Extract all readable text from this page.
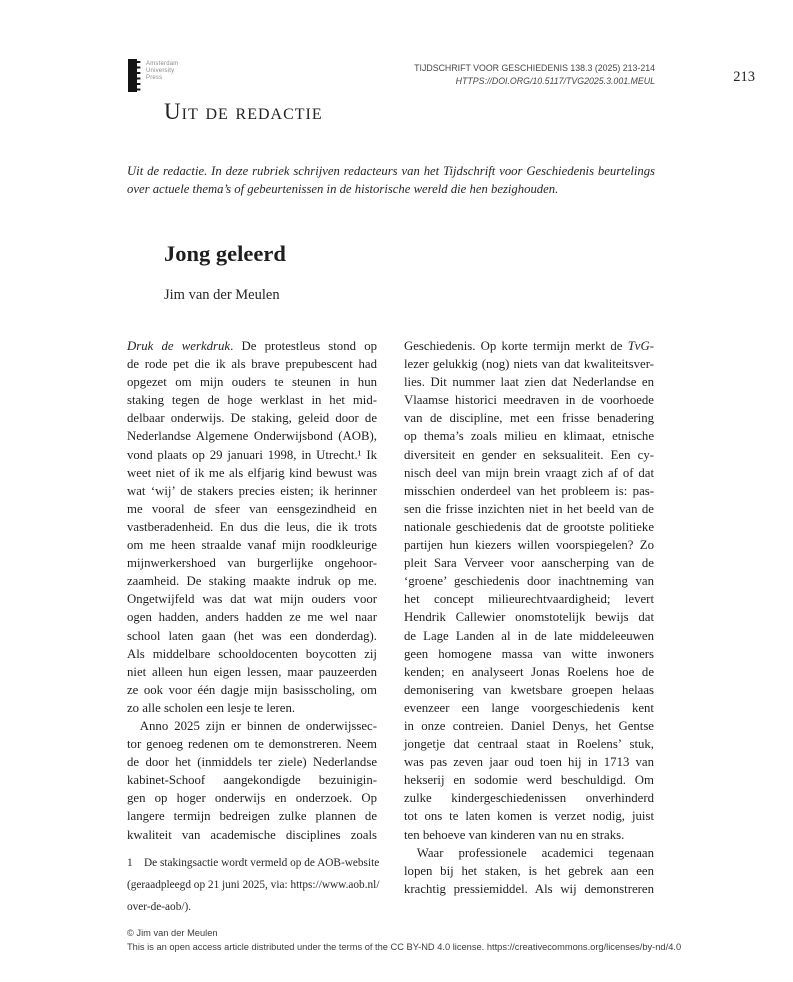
Amsterdam
University
Press
TIJDSCHRIFT VOOR GESCHIEDENIS 138.3 (2025) 213-214
HTTPS://DOI.ORG/10.5117/TVG2025.3.001.MEUL	213
Uit de redactie
Uit de redactie. In deze rubriek schrijven redacteurs van het Tijdschrift voor Geschiedenis beurtelings
over actuele thema’s of gebeurtenissen in de historische wereld die hen bezighouden.
Jong geleerd
Jim van der Meulen
Druk de werkdruk. De protestleus stond op
de rode pet die ik als brave prepubescent had
opgezet om mijn ouders te steunen in hun
staking tegen de hoge werklast in het mid-
delbaar onderwijs. De staking, geleid door de
Nederlandse Algemene Onderwijsbond (AOB),
vond plaats op 29 januari 1998, in Utrecht.¹ Ik
weet niet of ik me als elfjarig kind bewust was
wat ‘wij’ de stakers precies eisten; ik herinner
me vooral de sfeer van eensgezindheid en
vastberadenheid. En dus die leus, die ik trots
om me heen straalde vanaf mijn roodkleurige
mijnwerkershoed van burgerlijke ongehoor-
zaamheid. De staking maakte indruk op me.
Ongetwijfeld was dat wat mijn ouders voor
ogen hadden, anders hadden ze me wel naar
school laten gaan (het was een donderdag).
Als middelbare schooldocenten boycotten zij
niet alleen hun eigen lessen, maar pauzeerden
ze ook voor één dagje mijn basisscholing, om
zo alle scholen een lesje te leren.
 Anno 2025 zijn er binnen de onderwijssec-
tor genoeg redenen om te demonstreren. Neem
de door het (inmiddels ter ziele) Nederlandse
kabinet-Schoof aangekondigde bezuinigin-
gen op hoger onderwijs en onderzoek. Op
langere termijn bedreigen zulke plannen de
kwaliteit van academische disciplines zoals
Geschiedenis. Op korte termijn merkt de TvG-
lezer gelukkig (nog) niets van dat kwaliteitsver-
lies. Dit nummer laat zien dat Nederlandse en
Vlaamse historici meedraven in de voorhoede
van de discipline, met een frisse benadering
op thema’s zoals milieu en klimaat, etnische
diversiteit en gender en seksualiteit. Een cy-
nisch deel van mijn brein vraagt zich af of dat
misschien onderdeel van het probleem is: pas-
sen die frisse inzichten niet in het beeld van de
nationale geschiedenis dat de grootste politieke
partijen hun kiezers willen voorspiegelen? Zo
pleit Sara Verveer voor aanscherping van de
‘groene’ geschiedenis door inachtneming van
het concept milieurechtvaardigheid; levert
Hendrik Callewier onomstotelijk bewijs dat
de Lage Landen al in de late middeleeuwen
geen homogene massa van witte inwoners
kenden; en analyseert Jonas Roelens hoe de
demonisering van kwetsbare groepen helaas
evenzeer een lange voorgeschiedenis kent
in onze contreien. Daniel Denys, het Gentse
jongetje dat centraal staat in Roelens’ stuk,
was pas zeven jaar oud toen hij in 1713 van
hekserij en sodomie werd beschuldigd. Om
zulke kindergeschiedenissen onverhinderd
tot ons te laten komen is verzet nodig, juist
ten behoeve van kinderen van nu en straks.
 Waar professionele academici tegenaan
lopen bij het staken, is het gebrek aan een
krachtig pressiemiddel. Als wij demonstreren
1 De stakingsactie wordt vermeld op de AOB-website
(geraadpleegd op 21 juni 2025, via: https://www.aob.nl/
over-de-aob/).
© Jim van der Meulen
This is an open access article distributed under the terms of the CC BY-ND 4.0 license. https://creativecommons.org/licenses/by-nd/4.0
